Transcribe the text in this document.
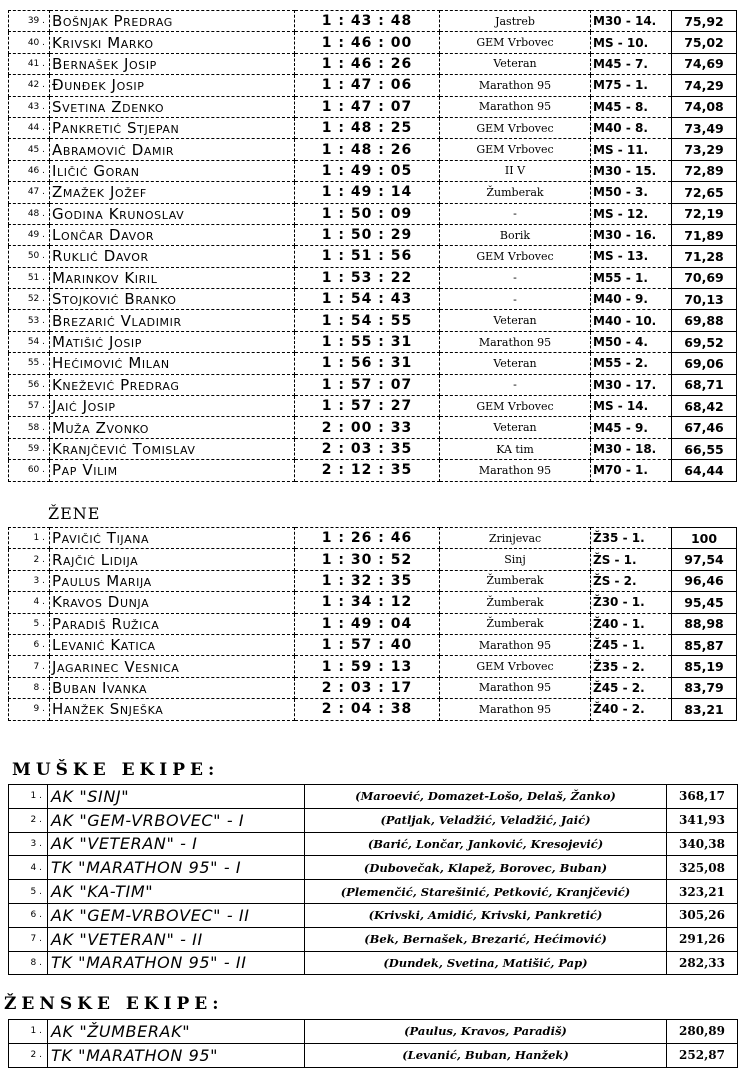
39 .	Bošnjak Predrag	1 : 43 : 48	Jastreb	M30 - 14.	75,92
40 .	Krivski Marko	1 : 46 : 00	GEM Vrbovec	MS - 10.	75,02
41 .	Bernašek Josip	1 : 46 : 26	Veteran	M45 - 7.	74,69
42 .	Đunđek Josip	1 : 47 : 06	Marathon 95	M75 - 1.	74,29
43 .	Svetina Zdenko	1 : 47 : 07	Marathon 95	M45 - 8.	74,08
44 .	Pankretić Stjepan	1 : 48 : 25	GEM Vrbovec	M40 - 8.	73,49
45 .	Abramović Damir	1 : 48 : 26	GEM Vrbovec	MS - 11.	73,29
46 .	Iličić Goran	1 : 49 : 05	II V	M30 - 15.	72,89
47 .	Zmažek Jožef	1 : 49 : 14	Žumberak	M50 - 3.	72,65
48 .	Godina Krunoslav	1 : 50 : 09	-	MS - 12.	72,19
49 .	Lončar Davor	1 : 50 : 29	Borik	M30 - 16.	71,89
50 .	Ruklić Davor	1 : 51 : 56	GEM Vrbovec	MS - 13.	71,28
51 .	Marinkov Kiril	1 : 53 : 22	-	M55 - 1.	70,69
52 .	Stojković Branko	1 : 54 : 43	-	M40 - 9.	70,13
53 .	Brezarić Vladimir	1 : 54 : 55	Veteran	M40 - 10.	69,88
54 .	Matišić Josip	1 : 55 : 31	Marathon 95	M50 - 4.	69,52
55 .	Hećimović Milan	1 : 56 : 31	Veteran	M55 - 2.	69,06
56 .	Knežević Predrag	1 : 57 : 07	-	M30 - 17.	68,71
57 .	Jaić Josip	1 : 57 : 27	GEM Vrbovec	MS - 14.	68,42
58 .	Muža Zvonko	2 : 00 : 33	Veteran	M45 - 9.	67,46
59 .	Kranjčević Tomislav	2 : 03 : 35	KA tim	M30 - 18.	66,55
60 .	Pap Vilim	2 : 12 : 35	Marathon 95	M70 - 1.	64,44
ŽENE
1 .	Pavičić Tijana	1 : 26 : 46	Zrinjevac	Ž35 - 1.	100
2 .	Rajčić Lidija	1 : 30 : 52	Sinj	ŽS - 1.	97,54
3 .	Paulus Marija	1 : 32 : 35	Žumberak	ŽS - 2.	96,46
4 .	Kravos Dunja	1 : 34 : 12	Žumberak	Ž30 - 1.	95,45
5 .	Paradiš Ružica	1 : 49 : 04	Žumberak	Ž40 - 1.	88,98
6 .	Levanić Katica	1 : 57 : 40	Marathon 95	Ž45 - 1.	85,87
7 .	Jagarinec Vesnica	1 : 59 : 13	GEM Vrbovec	Ž35 - 2.	85,19
8 .	Buban Ivanka	2 : 03 : 17	Marathon 95	Ž45 - 2.	83,79
9 .	Hanžek Snješka	2 : 04 : 38	Marathon 95	Ž40 - 2.	83,21
MUŠKE EKIPE:
1 .	AK "SINJ"	(Maroević, Domazet-Lošo, Delaš, Žanko)	368,17
2 .	AK "GEM-VRBOVEC" - I	(Patljak, Veladžić, Veladžić, Jaić)	341,93
3 .	AK "VETERAN" - I	(Barić, Lončar, Janković, Kresojević)	340,38
4 .	TK "MARATHON 95" - I	(Dubovečak, Klapež, Borovec, Buban)	325,08
5 .	AK "KA-TIM"	(Plemenčić, Starešinić, Petković, Kranjčević)	323,21
6 .	AK "GEM-VRBOVEC" - II	(Krivski, Amidić, Krivski, Pankretić)	305,26
7 .	AK "VETERAN" - II	(Bek, Bernašek, Brezarić, Hećimović)	291,26
8 .	TK "MARATHON 95" - II	(Dundek, Svetina, Matišić, Pap)	282,33
ŽENSKE EKIPE:
1 .	AK "ŽUMBERAK"	(Paulus, Kravos, Paradiš)	280,89
2 .	TK "MARATHON 95"	(Levanić, Buban, Hanžek)	252,87
